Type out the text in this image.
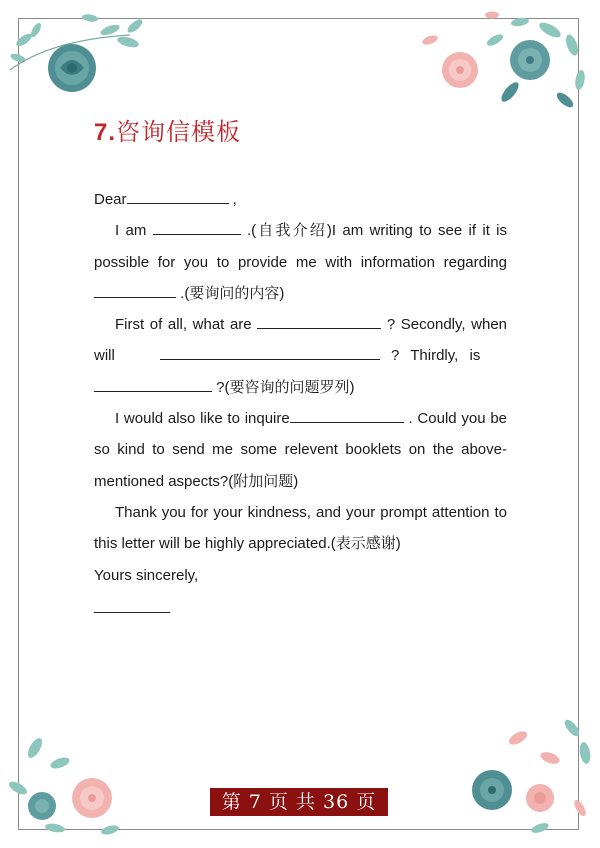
7.咨询信模板

Dear	,

I am	.(自我介绍)I am writing to see if it is possible for you to provide me with information regarding  .(要询问的内容)

First of all, what are	? Secondly, when will	? Thirdly, is    ?(要咨询的问题罗列)

I would also like to inquire	. Could you be so kind to send me some relevent booklets on the above-mentioned aspects?(附加问题)

Thank you for your kindness, and your prompt attention to this letter will be highly appreciated.(表示感谢)

Yours sincerely,

第 7 页 共 36 页
